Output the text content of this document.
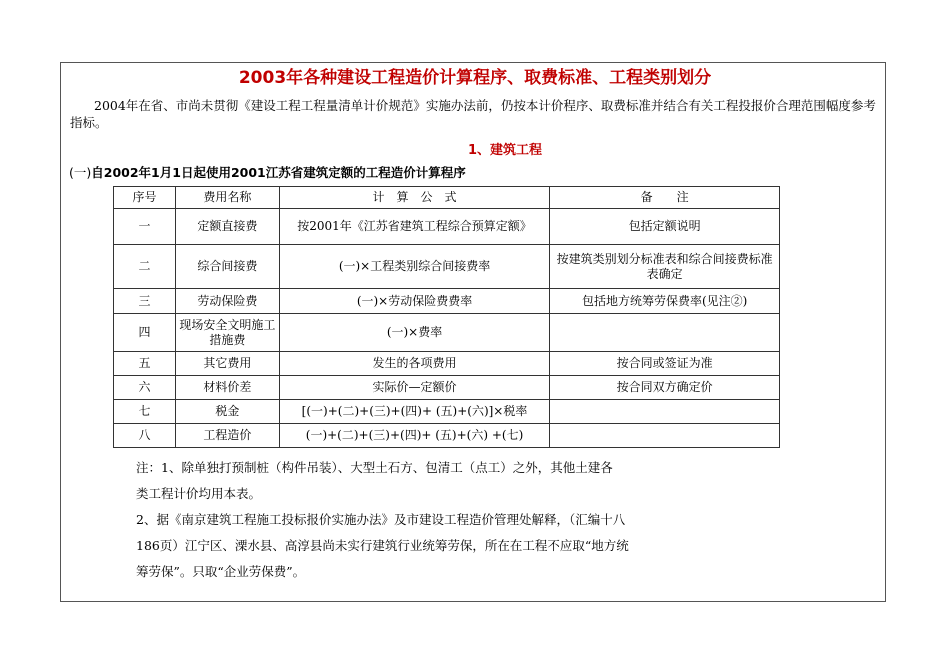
2003年各种建设工程造价计算程序、取费标准、工程类别划分
2004年在省、市尚未贯彻《建设工程工程量清单计价规范》实施办法前，仍按本计价程序、取费标准并结合有关工程投报价合理范围幅度参考指标。
1、建筑工程
(一)自2002年1月1日起使用2001江苏省建筑定额的工程造价计算程序
序号	费用名称	计　算　公　式	备　　注
一	定额直接费	按2001年《江苏省建筑工程综合预算定额》	包括定额说明
二	综合间接费	(一)×工程类别综合间接费率	按建筑类别划分标准表和综合间接费标准表确定
三	劳动保险费	(一)×劳动保险费费率	包括地方统筹劳保费率(见注②)
四	现场安全文明施工措施费	(一)×费率	
五	其它费用	发生的各项费用	按合同或签证为准
六	材料价差	实际价—定额价	按合同双方确定价
七	税金	[(一)+(二)+(三)+(四)+ (五)+(六)]×税率	
八	工程造价	(一)+(二)+(三)+(四)+ (五)+(六) +(七)	

注：1、除单独打预制桩（构件吊装）、大型土石方、包清工（点工）之外，其他土建各

类工程计价均用本表。

2、据《南京建筑工程施工投标报价实施办法》及市建设工程造价管理处解释，（汇编十八

186页）江宁区、溧水县、高淳县尚未实行建筑行业统筹劳保，所在在工程不应取“地方统

筹劳保”。只取“企业劳保费”。
